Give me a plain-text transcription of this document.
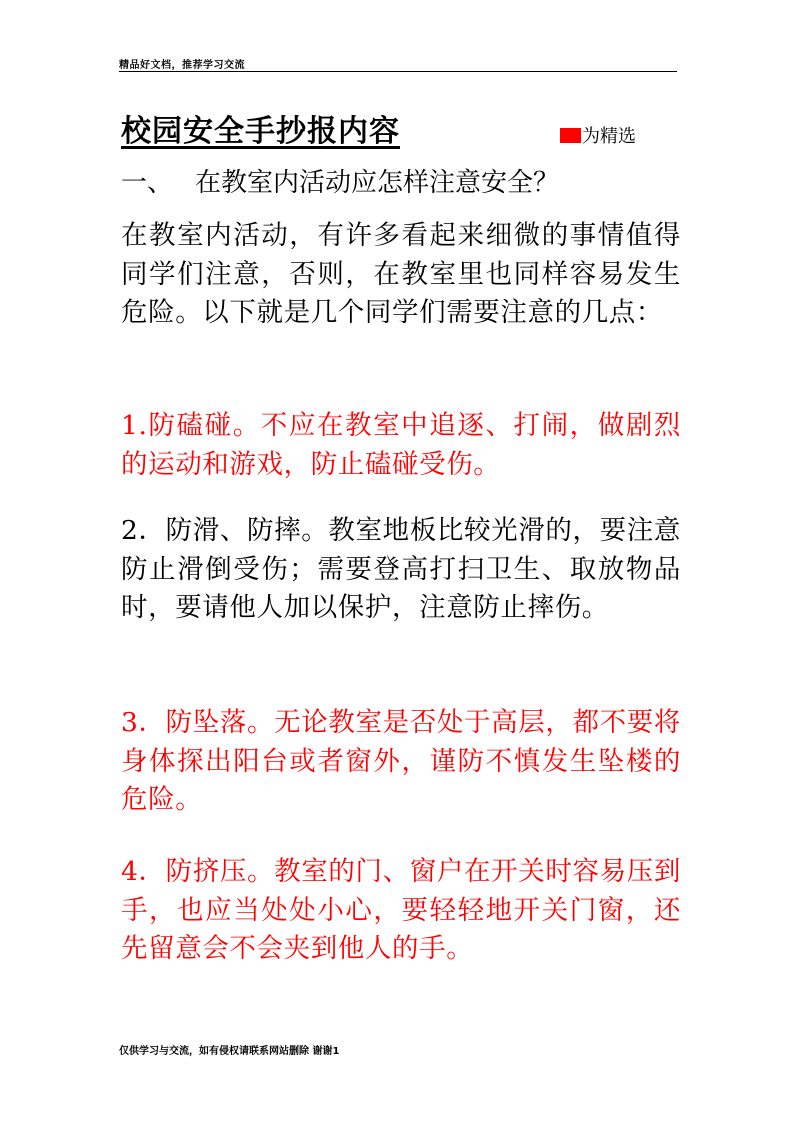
精品好文档，推荐学习交流
校园安全手抄报内容	为精选
一、 在教室内活动应怎样注意安全？

在教室内活动，有许多看起来细微的事情值得同学们注意，否则，在教室里也同样容易发生危险。以下就是几个同学们需要注意的几点：

1.防磕碰。不应在教室中追逐、打闹，做剧烈的运动和游戏，防止磕碰受伤。

2．防滑、防摔。教室地板比较光滑的，要注意防止滑倒受伤；需要登高打扫卫生、取放物品时，要请他人加以保护，注意防止摔伤。

3．防坠落。无论教室是否处于高层，都不要将身体探出阳台或者窗外，谨防不慎发生坠楼的危险。

4．防挤压。教室的门、窗户在开关时容易压到手，也应当处处小心，要轻轻地开关门窗，还先留意会不会夹到他人的手。

仅供学习与交流，如有侵权请联系网站删除 谢谢1
